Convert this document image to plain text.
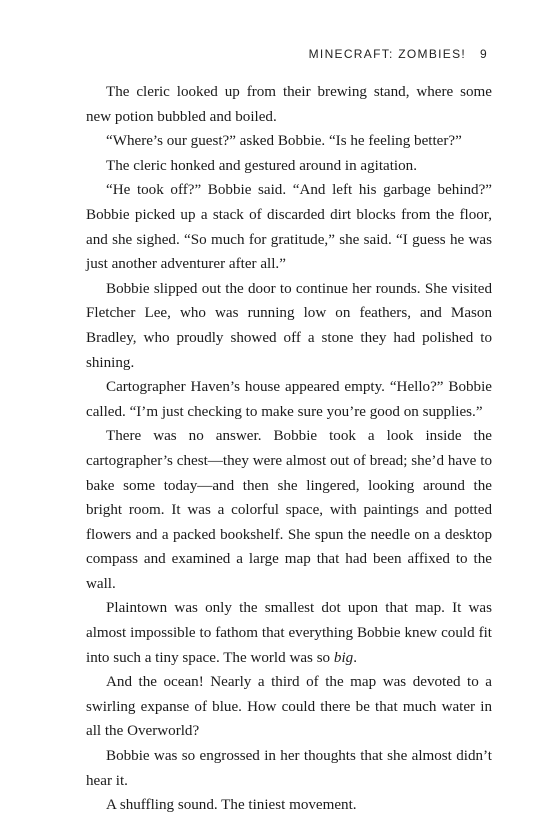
MINECRAFT: ZOMBIES! 9

The cleric looked up from their brewing stand, where some new potion bubbled and boiled.

“Where’s our guest?” asked Bobbie. “Is he feeling better?”

The cleric honked and gestured around in agitation.

“He took off?” Bobbie said. “And left his garbage behind?” Bobbie picked up a stack of discarded dirt blocks from the floor, and she sighed. “So much for gratitude,” she said. “I guess he was just another adventurer after all.”

Bobbie slipped out the door to continue her rounds. She visited Fletcher Lee, who was running low on feathers, and Mason Bradley, who proudly showed off a stone they had polished to shining.

Cartographer Haven’s house appeared empty. “Hello?” Bobbie called. “I’m just checking to make sure you’re good on supplies.”

There was no answer. Bobbie took a look inside the cartographer’s chest—they were almost out of bread; she’d have to bake some today—and then she lingered, looking around the bright room. It was a colorful space, with paintings and potted flowers and a packed bookshelf. She spun the needle on a desktop compass and examined a large map that had been affixed to the wall.

Plaintown was only the smallest dot upon that map. It was almost impossible to fathom that everything Bobbie knew could fit into such a tiny space. The world was so big.

And the ocean! Nearly a third of the map was devoted to a swirling expanse of blue. How could there be that much water in all the Overworld?

Bobbie was so engrossed in her thoughts that she almost didn’t hear it.

A shuffling sound. The tiniest movement.
